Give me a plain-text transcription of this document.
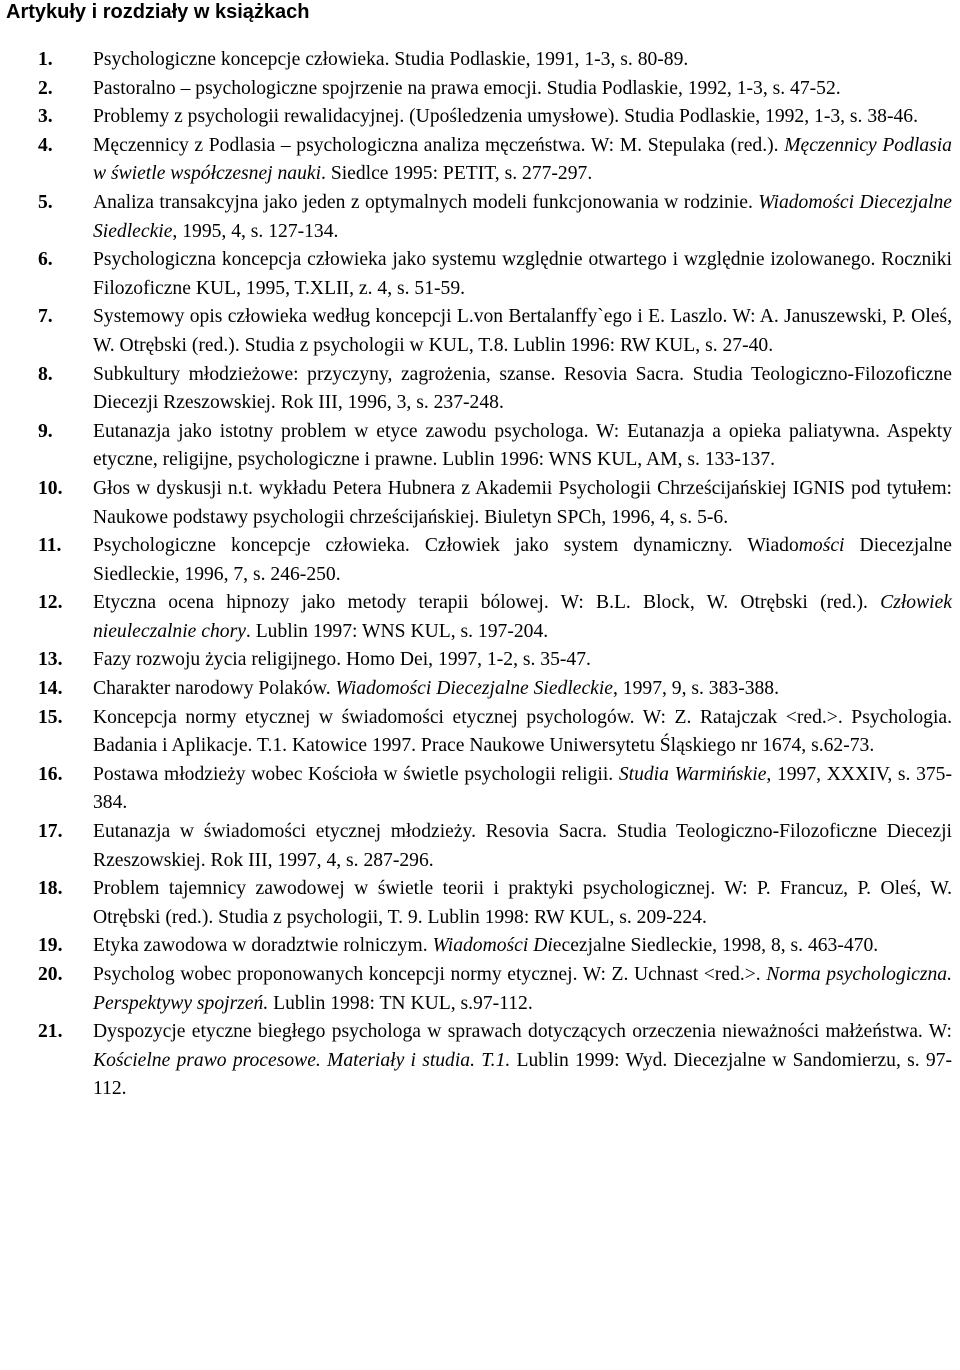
Artykuły i rozdziały w książkach
1. Psychologiczne koncepcje człowieka. Studia Podlaskie, 1991, 1-3, s. 80-89.
2. Pastoralno – psychologiczne spojrzenie na prawa emocji. Studia Podlaskie, 1992, 1-3, s. 47-52.
3. Problemy z psychologii rewalidacyjnej. (Upośledzenia umysłowe). Studia Podlaskie, 1992, 1-3, s. 38-46.
4. Męczennicy z Podlasia – psychologiczna analiza męczeństwa. W: M. Stepulaka (red.). Męczennicy Podlasia w świetle współczesnej nauki. Siedlce 1995: PETIT, s. 277-297.
5. Analiza transakcyjna jako jeden z optymalnych modeli funkcjonowania w rodzinie. Wiadomości Diecezjalne Siedleckie, 1995, 4, s. 127-134.
6. Psychologiczna koncepcja człowieka jako systemu względnie otwartego i względnie izolowanego. Roczniki Filozoficzne KUL, 1995, T.XLII, z. 4, s. 51-59.
7. Systemowy opis człowieka według koncepcji L.von Bertalanffy`ego i E. Laszlo. W: A. Januszewski, P. Oleś, W. Otrębski (red.). Studia z psychologii w KUL, T.8. Lublin 1996: RW KUL, s. 27-40.
8. Subkultury młodzieżowe: przyczyny, zagrożenia, szanse. Resovia Sacra. Studia Teologiczno-Filozoficzne Diecezji Rzeszowskiej. Rok III, 1996, 3, s. 237-248.
9. Eutanazja jako istotny problem w etyce zawodu psychologa. W: Eutanazja a opieka paliatywna. Aspekty etyczne, religijne, psychologiczne i prawne. Lublin 1996: WNS KUL, AM, s. 133-137.
10. Głos w dyskusji n.t. wykładu Petera Hubnera z Akademii Psychologii Chrześcijańskiej IGNIS pod tytułem: Naukowe podstawy psychologii chrześcijańskiej. Biuletyn SPCh, 1996, 4, s. 5-6.
11. Psychologiczne koncepcje człowieka. Człowiek jako system dynamiczny. Wiadomości Diecezjalne Siedleckie, 1996, 7, s. 246-250.
12. Etyczna ocena hipnozy jako metody terapii bólowej. W: B.L. Block, W. Otrębski (red.). Człowiek nieuleczalnie chory. Lublin 1997: WNS KUL, s. 197-204.
13. Fazy rozwoju życia religijnego. Homo Dei, 1997, 1-2, s. 35-47.
14. Charakter narodowy Polaków. Wiadomości Diecezjalne Siedleckie, 1997, 9, s. 383-388.
15. Koncepcja normy etycznej w świadomości etycznej psychologów. W: Z. Ratajczak <red.>. Psychologia. Badania i Aplikacje. T.1. Katowice 1997. Prace Naukowe Uniwersytetu Śląskiego nr 1674, s.62-73.
16. Postawa młodzieży wobec Kościoła w świetle psychologii religii. Studia Warmińskie, 1997, XXXIV, s. 375-384.
17. Eutanazja w świadomości etycznej młodzieży. Resovia Sacra. Studia Teologiczno-Filozoficzne Diecezji Rzeszowskiej. Rok III, 1997, 4, s. 287-296.
18. Problem tajemnicy zawodowej w świetle teorii i praktyki psychologicznej. W: P. Francuz, P. Oleś, W. Otrębski (red.). Studia z psychologii, T. 9. Lublin 1998: RW KUL, s. 209-224.
19. Etyka zawodowa w doradztwie rolniczym. Wiadomości Diecezjalne Siedleckie, 1998, 8, s. 463-470.
20. Psycholog wobec proponowanych koncepcji normy etycznej. W: Z. Uchnast <red.>. Norma psychologiczna. Perspektywy spojrzeń. Lublin 1998: TN KUL, s.97-112.
21. Dyspozycje etyczne biegłego psychologa w sprawach dotyczących orzeczenia nieważności małżeństwa. W: Kościelne prawo procesowe. Materiały i studia. T.1. Lublin 1999: Wyd. Diecezjalne w Sandomierzu, s. 97-112.
